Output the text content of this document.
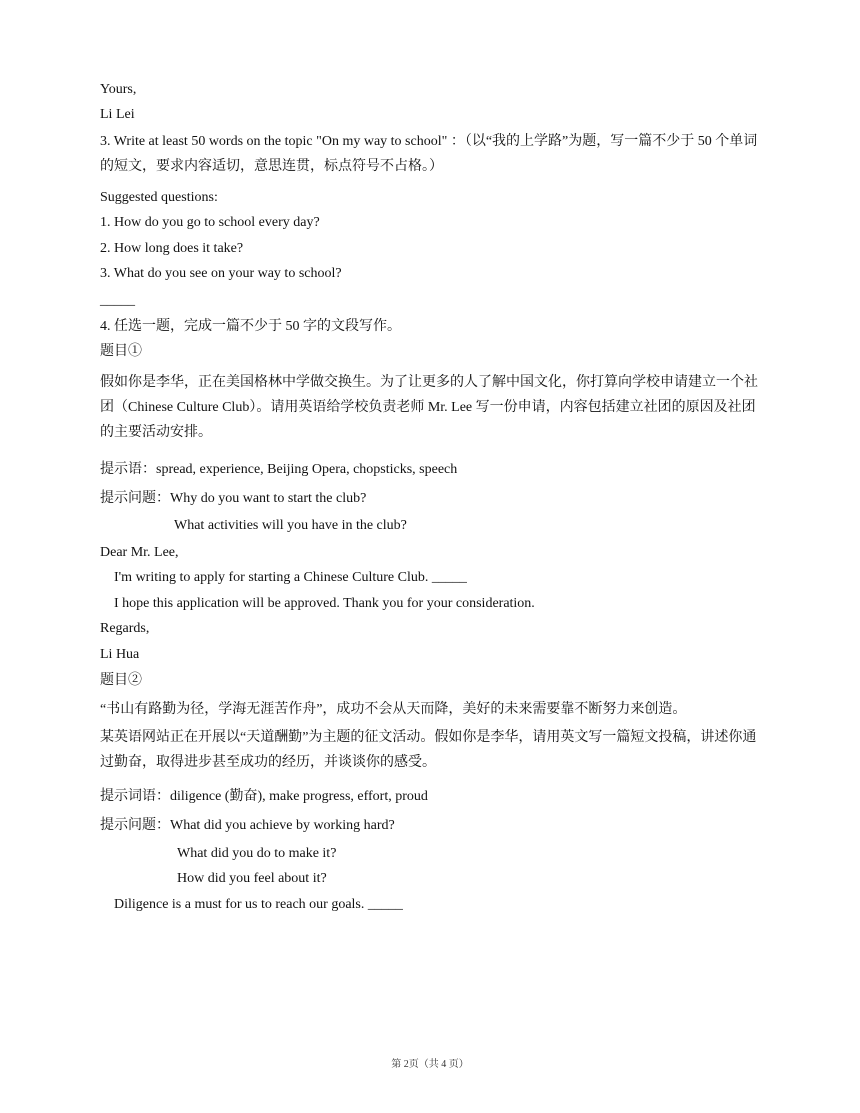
Yours,
Li Lei
3. Write at least 50 words on the topic "On my way to school" ：（以“我的上学路”为题，写一篇不少于 50 个单词的短文，要求内容适切，意思连贯，标点符号不占格。）
Suggested questions:
1. How do you go to school every day?
2. How long does it take?
3. What do you see on your way to school?
_____
4. 任选一题，完成一篇不少于 50 字的文段写作。
题目①
假如你是李华，正在美国格林中学做交换生。为了让更多的人了解中国文化，你打算向学校申请建立一个社团（Chinese Culture Club）。请用英语给学校负责老师 Mr. Lee 写一份申请，内容包括建立社团的原因及社团的主要活动安排。
提示语：spread, experience, Beijing Opera, chopsticks, speech
提示问题：Why do you want to start the club?
What activities will you have in the club?
Dear Mr. Lee,
I'm writing to apply for starting a Chinese Culture Club. _____
I hope this application will be approved. Thank you for your consideration.
Regards,
Li Hua
题目②
“书山有路勤为径，学海无涯苦作舟”，成功不会从天而降，美好的未来需要靠不断努力来创造。
某英语网站正在开展以“天道酬勤”为主题的征文活动。假如你是李华，请用英文写一篇短文投稿，讲述你通过勤奋，取得进步甚至成功的经历，并谈谈你的感受。
提示词语：diligence (勤奋), make progress, effort, proud
提示问题：What did you achieve by working hard?
What did you do to make it?
How did you feel about it?
Diligence is a must for us to reach our goals. _____
第 2页（共 4 页）
